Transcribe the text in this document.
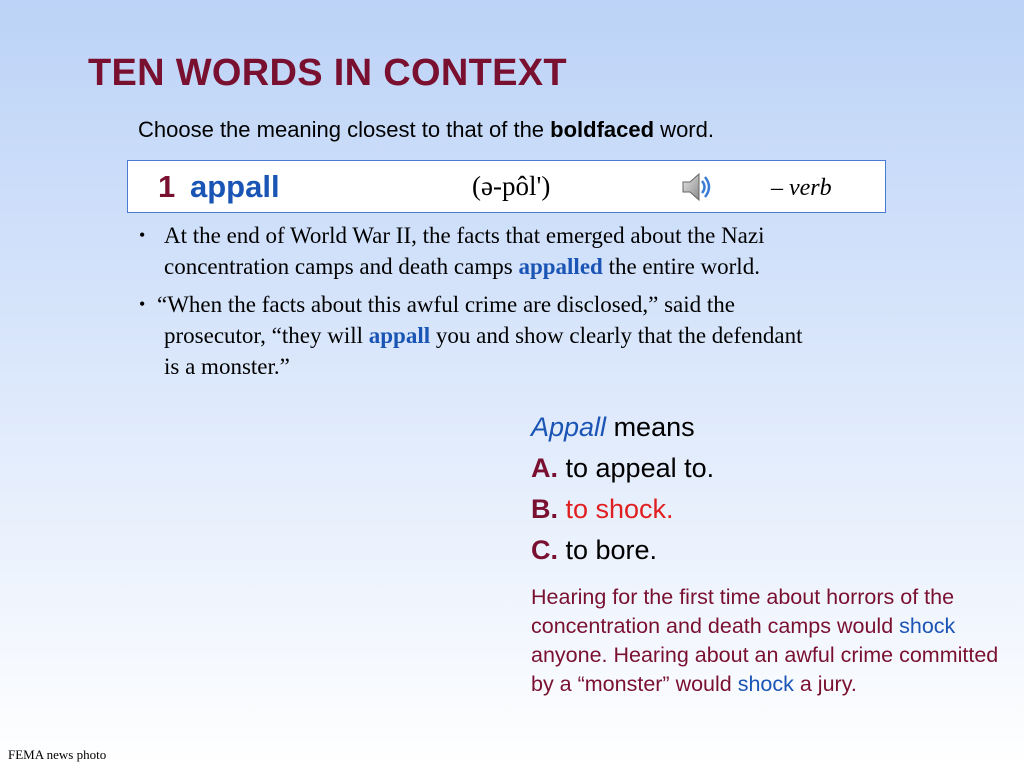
TEN WORDS IN CONTEXT
Choose the meaning closest to that of the boldfaced word.
1 appall	(ə-pôl')	– verb
• At the end of World War II, the facts that emerged about the Nazi
concentration camps and death camps appalled the entire world.
• “When the facts about this awful crime are disclosed,” said the
prosecutor, “they will appall you and show clearly that the defendant
is a monster.”
Appall means
A. to appeal to.
B. to shock.
C. to bore.
Hearing for the first time about horrors of the concentration and death camps would shock anyone. Hearing about an awful crime committed by a “monster” would shock a jury.
FEMA news photo
